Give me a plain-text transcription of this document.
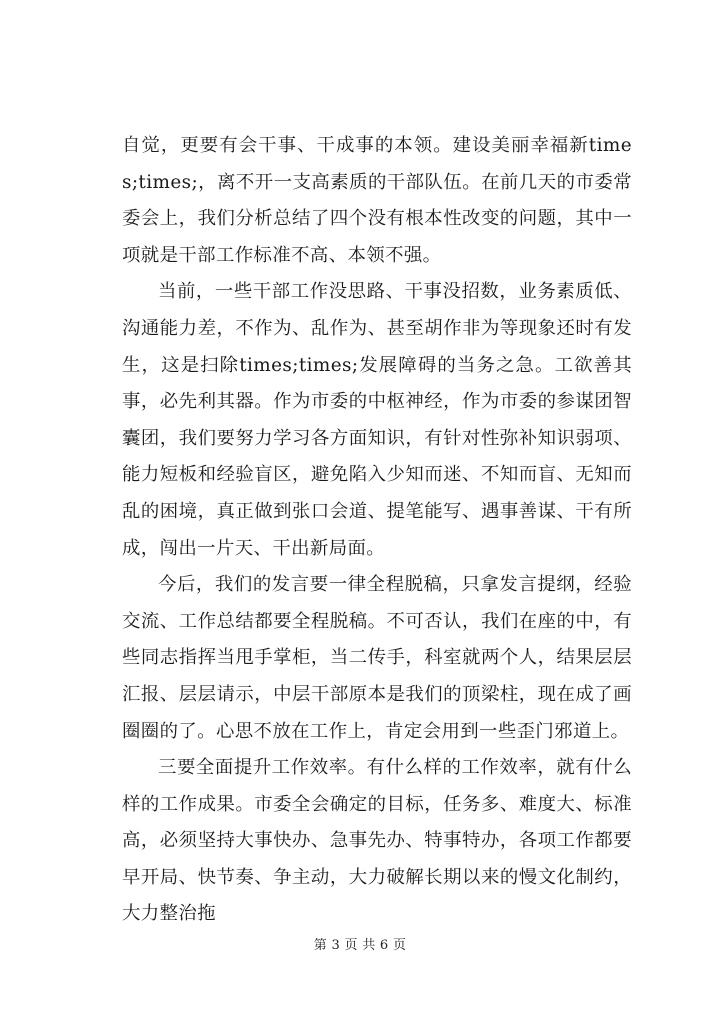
自觉，更要有会干事、干成事的本领。建设美丽幸福新times;times;，离不开一支高素质的干部队伍。在前几天的市委常委会上，我们分析总结了四个没有根本性改变的问题，其中一项就是干部工作标准不高、本领不强。

当前，一些干部工作没思路、干事没招数，业务素质低、沟通能力差，不作为、乱作为、甚至胡作非为等现象还时有发生，这是扫除times;times;发展障碍的当务之急。工欲善其事，必先利其器。作为市委的中枢神经，作为市委的参谋团智囊团，我们要努力学习各方面知识，有针对性弥补知识弱项、能力短板和经验盲区，避免陷入少知而迷、不知而盲、无知而乱的困境，真正做到张口会道、提笔能写、遇事善谋、干有所成，闯出一片天、干出新局面。

今后，我们的发言要一律全程脱稿，只拿发言提纲，经验交流、工作总结都要全程脱稿。不可否认，我们在座的中，有些同志指挥当甩手掌柜，当二传手，科室就两个人，结果层层汇报、层层请示，中层干部原本是我们的顶梁柱，现在成了画圈圈的了。心思不放在工作上，肯定会用到一些歪门邪道上。

三要全面提升工作效率。有什么样的工作效率，就有什么样的工作成果。市委全会确定的目标，任务多、难度大、标准高，必须坚持大事快办、急事先办、特事特办，各项工作都要早开局、快节奏、争主动，大力破解长期以来的慢文化制约，大力整治拖

第 3 页 共 6 页
